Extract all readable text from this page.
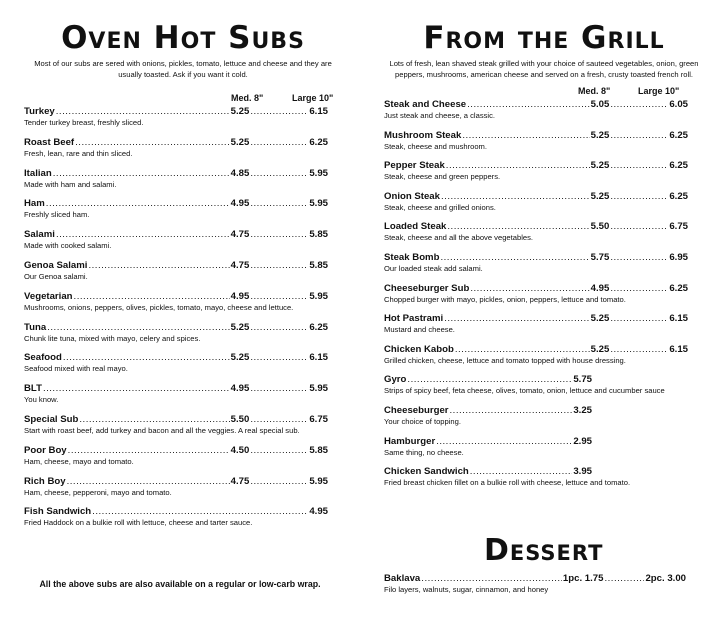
Oven Hot Subs
Most of our subs are sered with onions, pickles, tomato, lettuce and cheese and they are usually toasted. Ask if you want it cold.
Med. 8"	Large 10"
Turkey .....	5.25 .....	6.15
Tender turkey breast, freshly sliced.
Roast Beef .....	5.25 .....	6.25
Fresh, lean, rare and thin sliced.
Italian .....	4.85 .....	5.95
Made with ham and salami.
Ham .....	4.95 .....	5.95
Freshly sliced ham.
Salami .....	4.75 .....	5.85
Made with cooked salami.
Genoa Salami .....	4.75 .....	5.85
Our Genoa salami.
Vegetarian .....	4.95 .....	5.95
Mushrooms, onions, peppers, olives, pickles, tomato, mayo, cheese and lettuce.
Tuna .....	5.25 .....	6.25
Chunk lite tuna, mixed with mayo, celery and spices.
Seafood .....	5.25 .....	6.15
Seafood mixed with real mayo.
BLT .....	4.95 .....	5.95
You know.
Special Sub .....	5.50 .....	6.75
Start with roast beef, add turkey and bacon and all the veggies. A real special sub.
Poor Boy .....	4.50 .....	5.85
Ham, cheese, mayo and tomato.
Rich Boy .....	4.75 .....	5.95
Ham, cheese, pepperoni, mayo and tomato.
Fish Sandwich .....	4.95
Fried Haddock on a bulkie roll with lettuce, cheese and tarter sauce.
From the Grill
Lots of fresh, lean shaved steak grilled with your choice of sauteed vegetables, onion, green peppers, mushrooms, american cheese and served on a fresh, crusty toasted french roll.
Med. 8"	Large 10"
Steak and Cheese .....	5.05 .....	6.05
Just steak and cheese, a classic.
Mushroom Steak .....	5.25 .....	6.25
Steak, cheese and mushroom.
Pepper Steak .....	5.25 .....	6.25
Steak, cheese and green peppers.
Onion Steak .....	5.25 .....	6.25
Steak, cheese and grilled onions.
Loaded Steak .....	5.50 .....	6.75
Steak, cheese and all the above vegetables.
Steak Bomb .....	5.75 .....	6.95
Our loaded steak add salami.
Cheeseburger Sub .....	4.95 .....	6.25
Chopped burger with mayo, pickles, onion, peppers, lettuce and tomato.
Hot Pastrami .....	5.25 .....	6.15
Mustard and cheese.
Chicken Kabob .....	5.25 .....	6.15
Grilled chicken, cheese, lettuce and tomato topped with house dressing.
Gyro .....	5.75
Strips of spicy beef, feta cheese, olives, tomato, onion, lettuce and cucumber sauce
Cheeseburger .....	3.25
Your choice of topping.
Hamburger .....	2.95
Same thing, no cheese.
Chicken Sandwich .....	3.95
Fried breast chicken fillet on a bulkie roll with cheese, lettuce and tomato.
All the above subs are also available on a regular or low-carb wrap.
Dessert
Baklava .....	1pc. 1.75 .....	2pc. 3.00
Filo layers, walnuts, sugar, cinnamon, and honey
